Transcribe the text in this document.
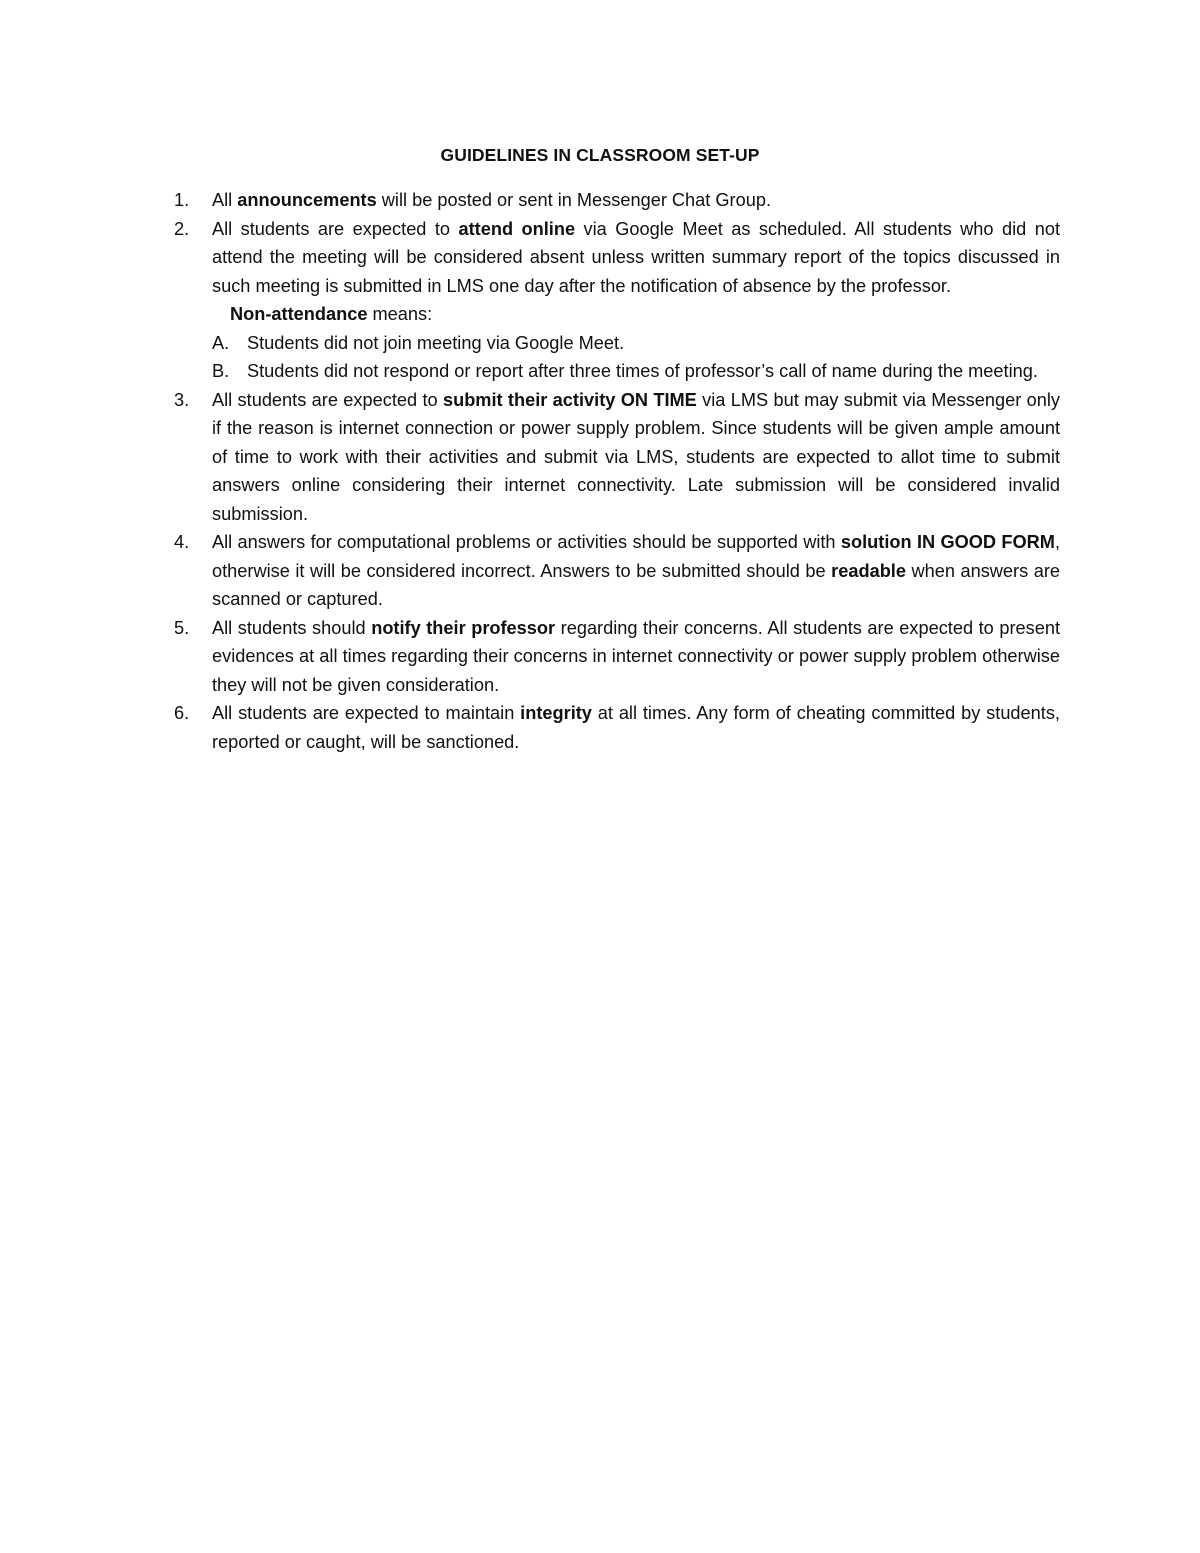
GUIDELINES IN CLASSROOM SET-UP
1.	All announcements will be posted or sent in Messenger Chat Group.
2.	All students are expected to attend online via Google Meet as scheduled. All students who did not attend the meeting will be considered absent unless written summary report of the topics discussed in such meeting is submitted in LMS one day after the notification of absence by the professor.
Non-attendance means:
A. Students did not join meeting via Google Meet.
B. Students did not respond or report after three times of professor’s call of name during the meeting.
3.	All students are expected to submit their activity ON TIME via LMS but may submit via Messenger only if the reason is internet connection or power supply problem. Since students will be given ample amount of time to work with their activities and submit via LMS, students are expected to allot time to submit answers online considering their internet connectivity. Late submission will be considered invalid submission.
4.	All answers for computational problems or activities should be supported with solution IN GOOD FORM, otherwise it will be considered incorrect. Answers to be submitted should be readable when answers are scanned or captured.
5.	All students should notify their professor regarding their concerns. All students are expected to present evidences at all times regarding their concerns in internet connectivity or power supply problem otherwise they will not be given consideration.
6.	All students are expected to maintain integrity at all times. Any form of cheating committed by students, reported or caught, will be sanctioned.
